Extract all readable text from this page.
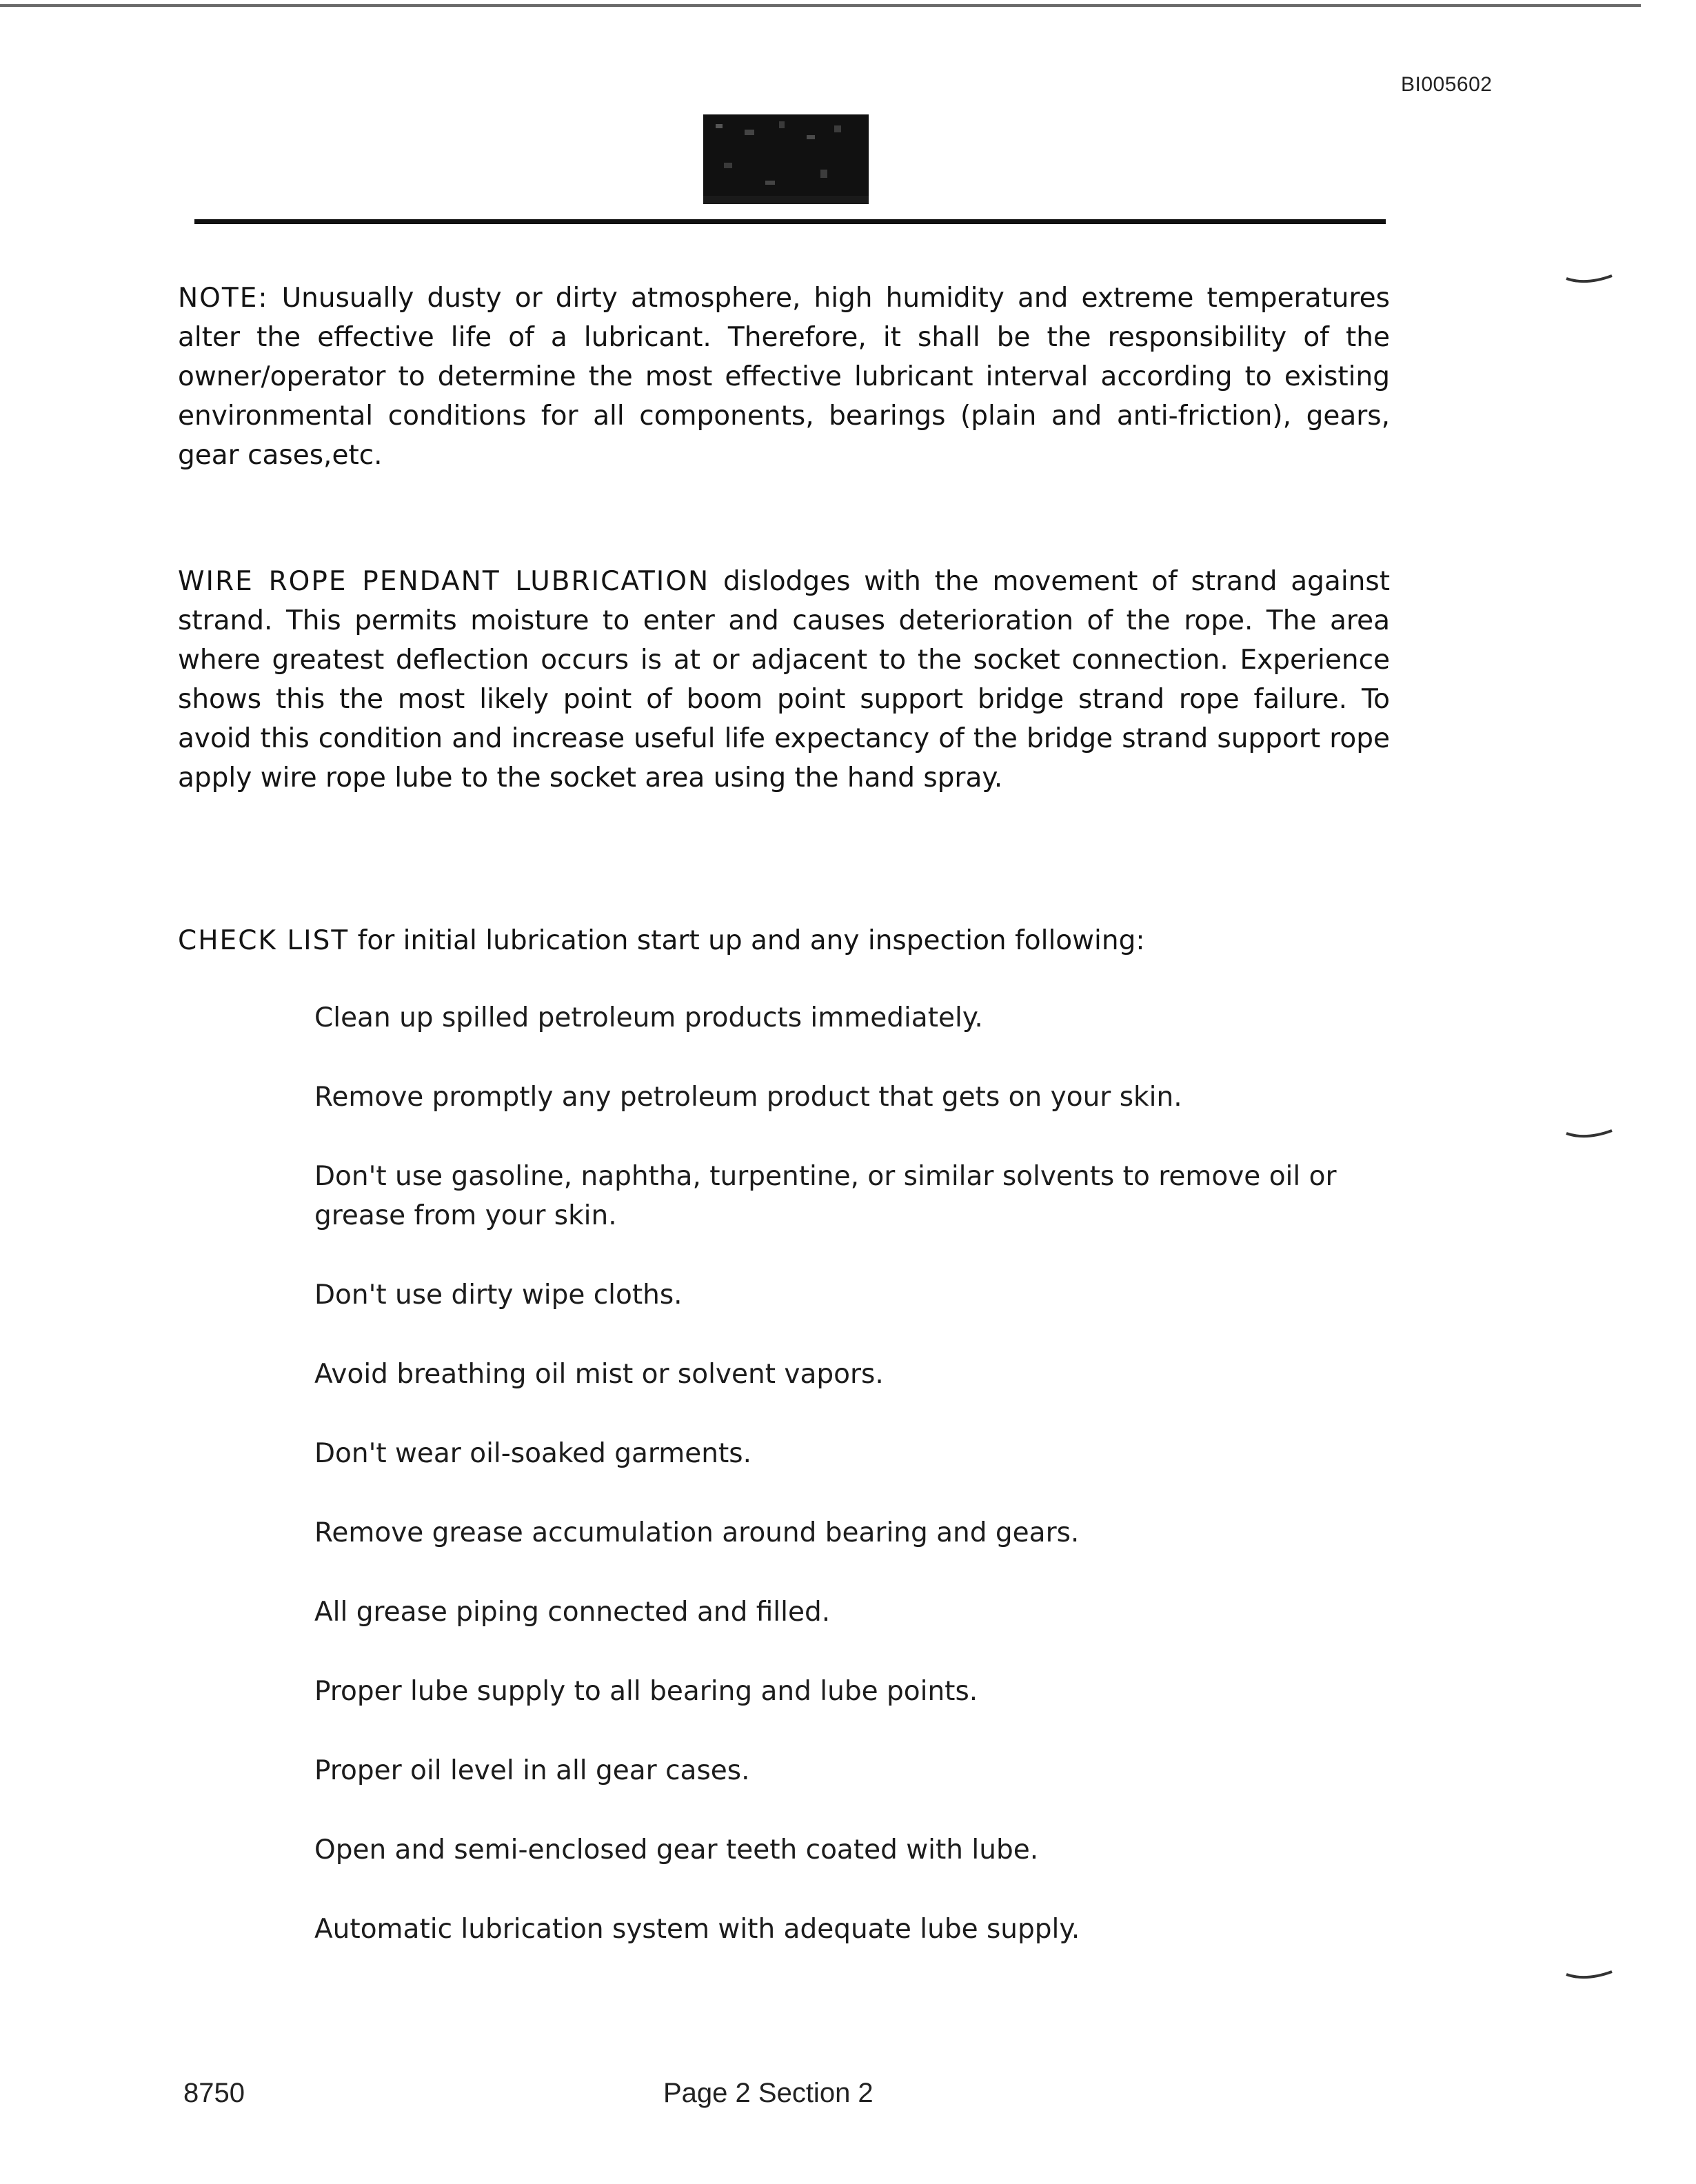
BI005602

NOTE: Unusually dusty or dirty atmosphere, high humidity and extreme temperatures alter the effective life of a lubricant. Therefore, it shall be the responsibility of the owner/operator to determine the most effective lubricant interval according to existing environmental conditions for all components, bearings (plain and anti-friction), gears, gear cases,etc.

WIRE ROPE PENDANT LUBRICATION dislodges with the movement of strand against strand. This permits moisture to enter and causes deterioration of the rope. The area where greatest deflection occurs is at or adjacent to the socket connection. Experience shows this the most likely point of boom point support bridge strand rope failure. To avoid this condition and increase useful life expectancy of the bridge strand support rope apply wire rope lube to the socket area using the hand spray.

CHECK LIST for initial lubrication start up and any inspection following:

Clean up spilled petroleum products immediately.
Remove promptly any petroleum product that gets on your skin.
Don't use gasoline, naphtha, turpentine, or similar solvents to remove oil or grease from your skin.
Don't use dirty wipe cloths.
Avoid breathing oil mist or solvent vapors.
Don't wear oil-soaked garments.
Remove grease accumulation around bearing and gears.
All grease piping connected and filled.
Proper lube supply to all bearing and lube points.
Proper oil level in all gear cases.
Open and semi-enclosed gear teeth coated with lube.
Automatic lubrication system with adequate lube supply.
8750	Page 2 Section 2
